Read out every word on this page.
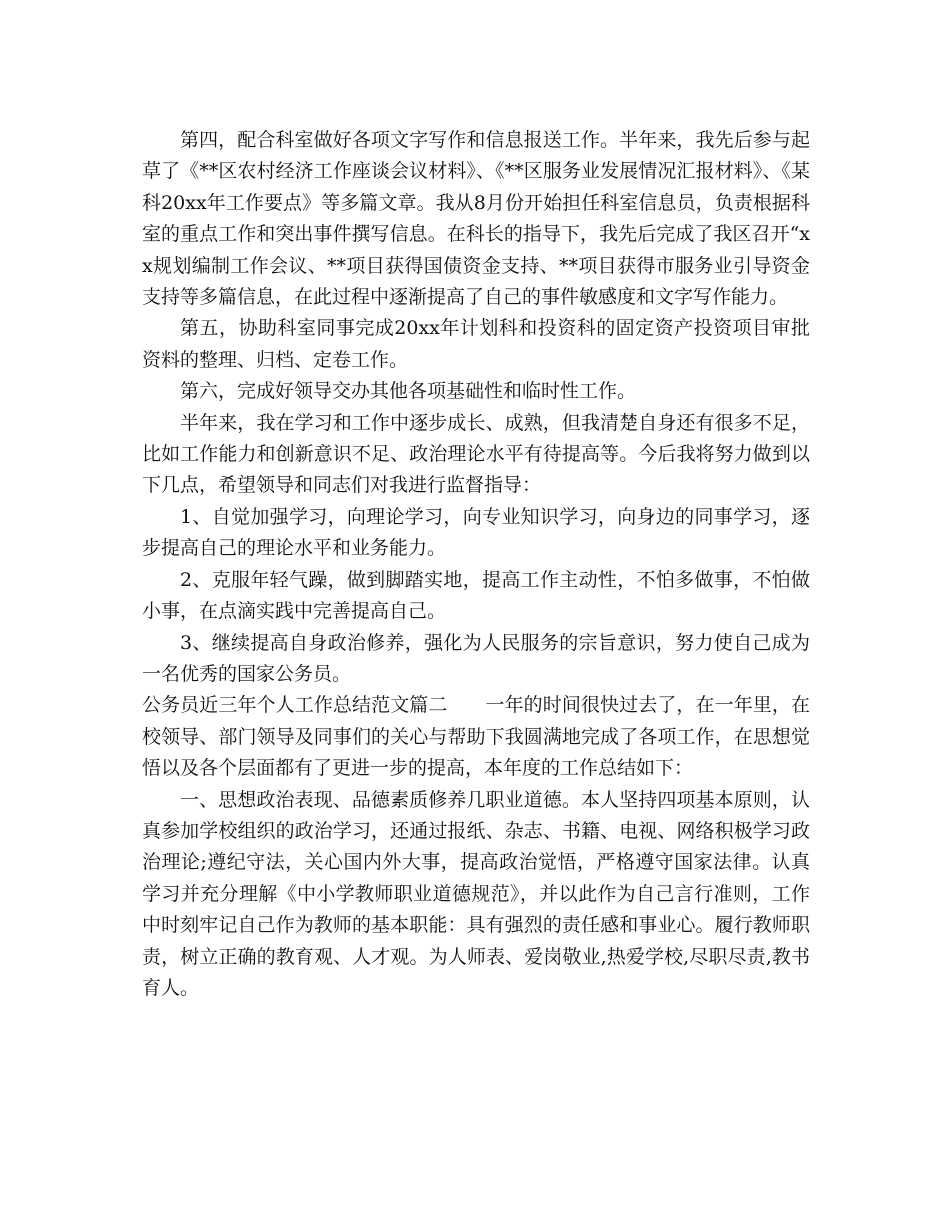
第四，配合科室做好各项文字写作和信息报送工作。半年来，我先后参与起草了《**区农村经济工作座谈会议材料》、《**区服务业发展情况汇报材料》、《某科20xx年工作要点》等多篇文章。我从8月份开始担任科室信息员，负责根据科室的重点工作和突出事件撰写信息。在科长的指导下，我先后完成了我区召开“xx规划编制工作会议、**项目获得国债资金支持、**项目获得市服务业引导资金支持等多篇信息，在此过程中逐渐提高了自己的事件敏感度和文字写作能力。

第五，协助科室同事完成20xx年计划科和投资科的固定资产投资项目审批资料的整理、归档、定卷工作。

第六，完成好领导交办其他各项基础性和临时性工作。

半年来，我在学习和工作中逐步成长、成熟，但我清楚自身还有很多不足，比如工作能力和创新意识不足、政治理论水平有待提高等。今后我将努力做到以下几点，希望领导和同志们对我进行监督指导：

1、自觉加强学习，向理论学习，向专业知识学习，向身边的同事学习，逐步提高自己的理论水平和业务能力。

2、克服年轻气躁，做到脚踏实地，提高工作主动性，不怕多做事，不怕做小事，在点滴实践中完善提高自己。

3、继续提高自身政治修养，强化为人民服务的宗旨意识，努力使自己成为一名优秀的国家公务员。

公务员近三年个人工作总结范文篇二 一年的时间很快过去了，在一年里，在校领导、部门领导及同事们的关心与帮助下我圆满地完成了各项工作，在思想觉悟以及各个层面都有了更进一步的提高，本年度的工作总结如下：

一、思想政治表现、品德素质修养几职业道德。本人坚持四项基本原则，认真参加学校组织的政治学习，还通过报纸、杂志、书籍、电视、网络积极学习政治理论;遵纪守法，关心国内外大事，提高政治觉悟，严格遵守国家法律。认真学习并充分理解《中小学教师职业道德规范》，并以此作为自己言行准则，工作中时刻牢记自己作为教师的基本职能：具有强烈的责任感和事业心。履行教师职责，树立正确的教育观、人才观。为人师表、爱岗敬业,热爱学校,尽职尽责,教书育人。
